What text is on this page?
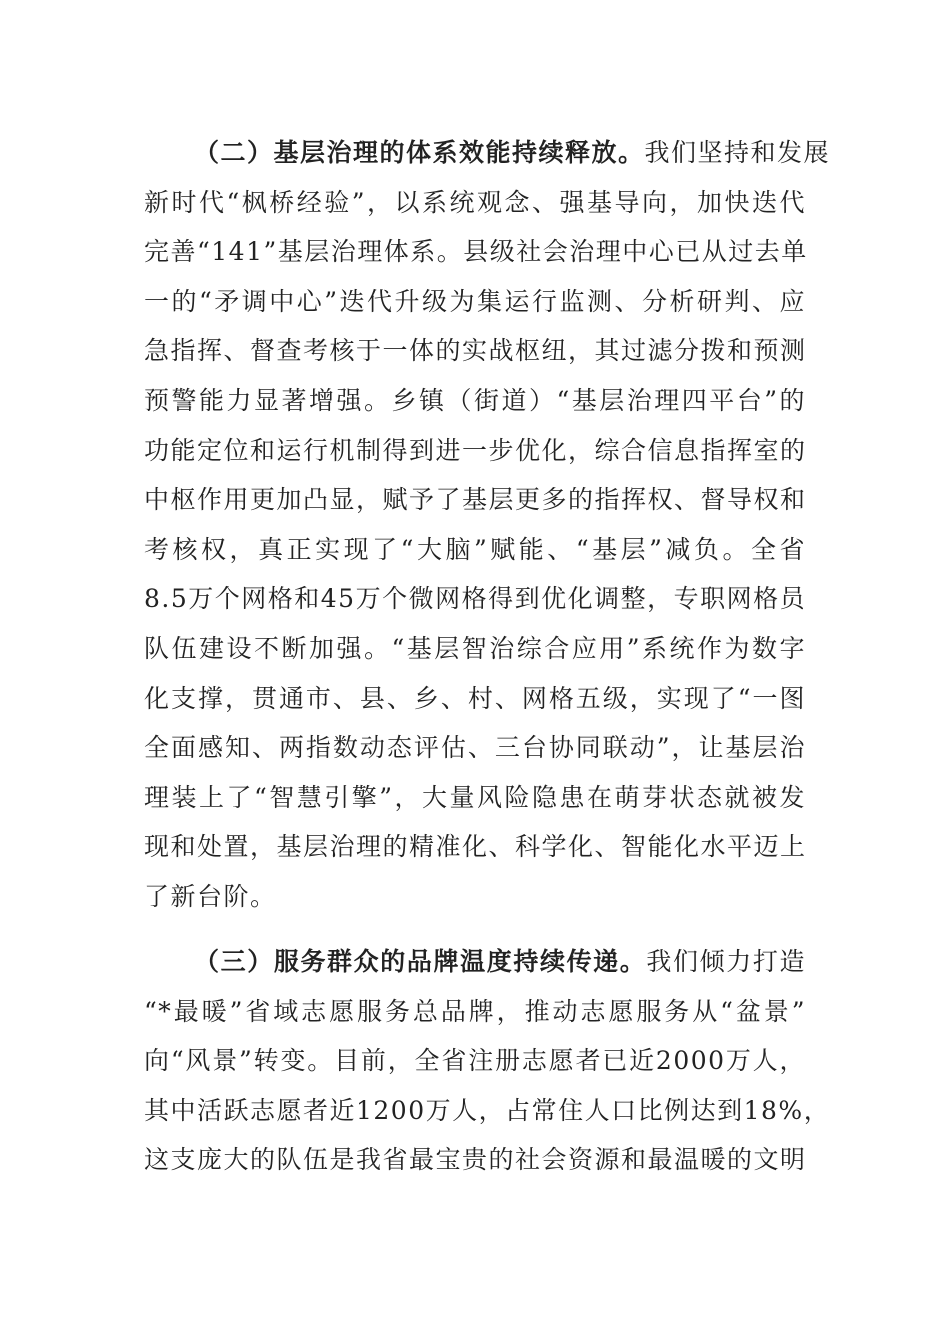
（二）基层治理的体系效能持续释放。我们坚持和发展
新时代“枫桥经验”，以系统观念、强基导向，加快迭代
完善“141”基层治理体系。县级社会治理中心已从过去单
一的“矛调中心”迭代升级为集运行监测、分析研判、应
急指挥、督查考核于一体的实战枢纽，其过滤分拨和预测
预警能力显著增强。乡镇（街道）“基层治理四平台”的
功能定位和运行机制得到进一步优化，综合信息指挥室的
中枢作用更加凸显，赋予了基层更多的指挥权、督导权和
考核权，真正实现了“大脑”赋能、“基层”减负。全省
8.5万个网格和45万个微网格得到优化调整，专职网格员
队伍建设不断加强。“基层智治综合应用”系统作为数字
化支撑，贯通市、县、乡、村、网格五级，实现了“一图
全面感知、两指数动态评估、三台协同联动”，让基层治
理装上了“智慧引擎”，大量风险隐患在萌芽状态就被发
现和处置，基层治理的精准化、科学化、智能化水平迈上
了新台阶。
（三）服务群众的品牌温度持续传递。我们倾力打造
“*最暖”省域志愿服务总品牌，推动志愿服务从“盆景”
向“风景”转变。目前，全省注册志愿者已近2000万人，
其中活跃志愿者近1200万人，占常住人口比例达到18%，
这支庞大的队伍是我省最宝贵的社会资源和最温暖的文明
